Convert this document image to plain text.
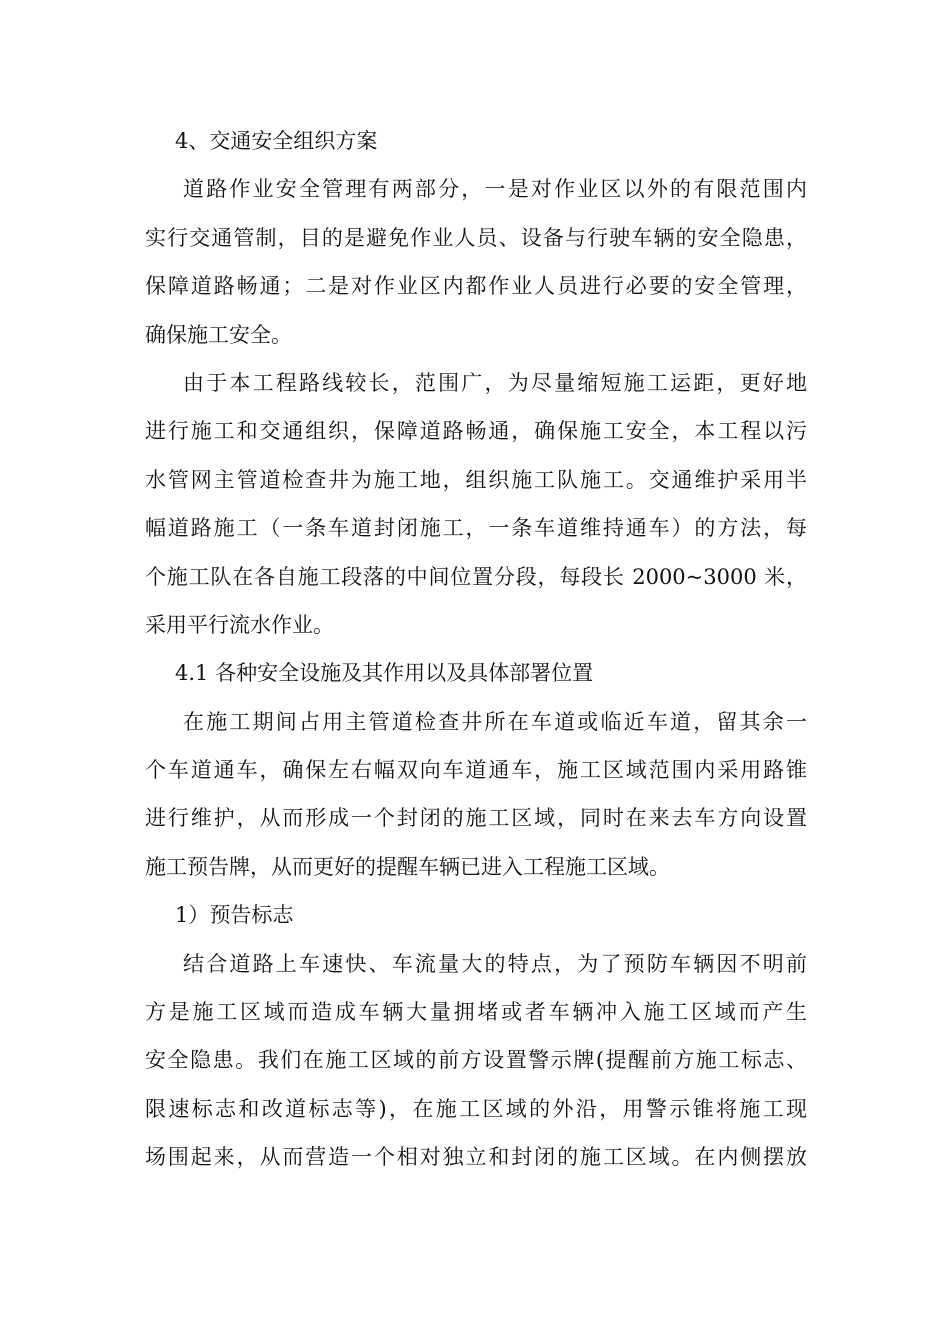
4、交通安全组织方案
道路作业安全管理有两部分，一是对作业区以外的有限范围内
实行交通管制，目的是避免作业人员、设备与行驶车辆的安全隐患，
保障道路畅通；二是对作业区内都作业人员进行必要的安全管理，
确保施工安全。
由于本工程路线较长，范围广，为尽量缩短施工运距，更好地
进行施工和交通组织，保障道路畅通，确保施工安全，本工程以污
水管网主管道检查井为施工地，组织施工队施工。交通维护采用半
幅道路施工（一条车道封闭施工，一条车道维持通车）的方法，每
个施工队在各自施工段落的中间位置分段，每段长 2000~3000 米，
采用平行流水作业。
4.1 各种安全设施及其作用以及具体部署位置
在施工期间占用主管道检查井所在车道或临近车道，留其余一
个车道通车，确保左右幅双向车道通车，施工区域范围内采用路锥
进行维护，从而形成一个封闭的施工区域，同时在来去车方向设置
施工预告牌，从而更好的提醒车辆已进入工程施工区域。
1）预告标志
结合道路上车速快、车流量大的特点，为了预防车辆因不明前
方是施工区域而造成车辆大量拥堵或者车辆冲入施工区域而产生
安全隐患。我们在施工区域的前方设置警示牌(提醒前方施工标志、
限速标志和改道标志等)，在施工区域的外沿，用警示锥将施工现
场围起来，从而营造一个相对独立和封闭的施工区域。在内侧摆放
